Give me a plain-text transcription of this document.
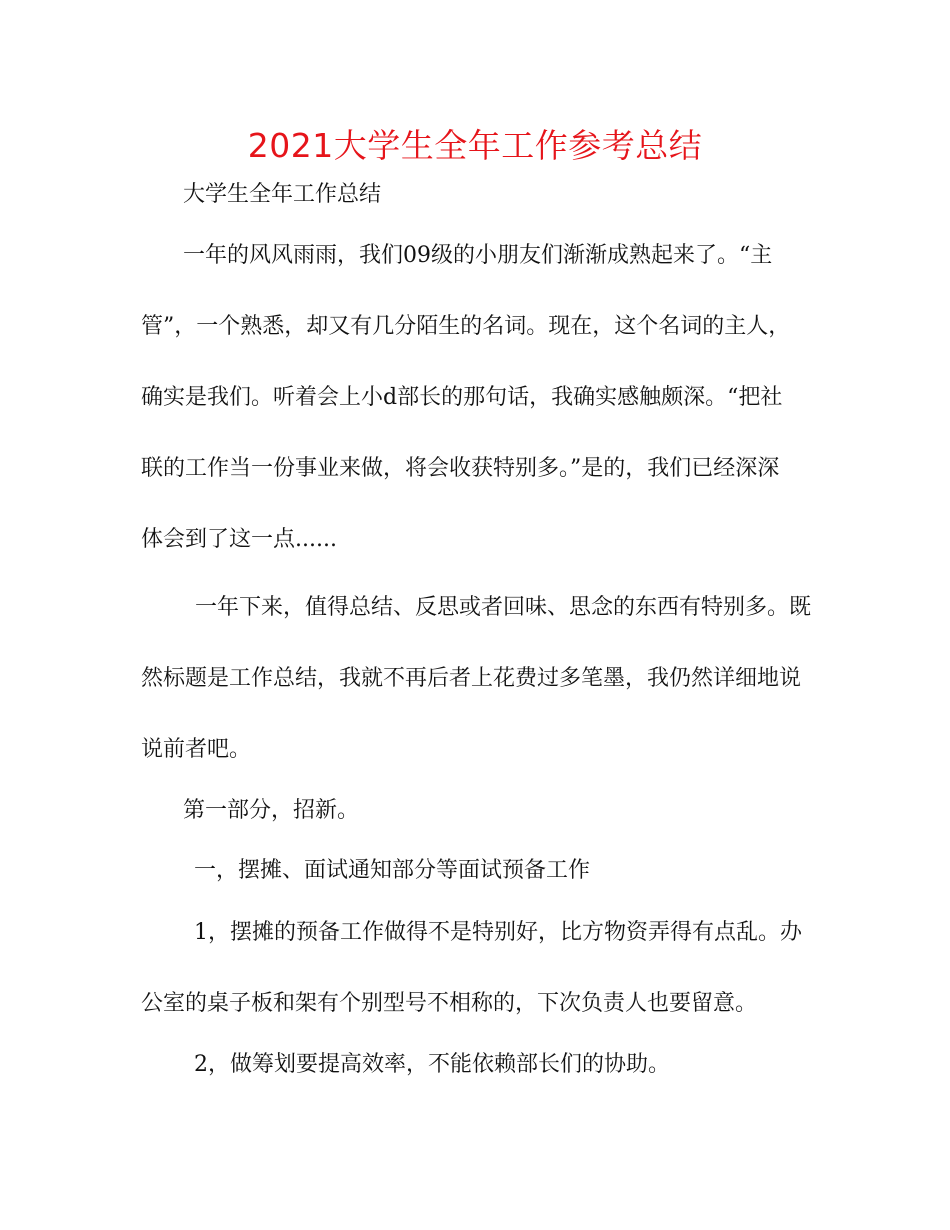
2021大学生全年工作参考总结
大学生全年工作总结
一年的风风雨雨，我们09级的小朋友们渐渐成熟起来了。“主
管”，一个熟悉，却又有几分陌生的名词。现在，这个名词的主人，
确实是我们。听着会上小d部长的那句话，我确实感触颇深。“把社
联的工作当一份事业来做，将会收获特别多。”是的，我们已经深深
体会到了这一点......
一年下来，值得总结、反思或者回味、思念的东西有特别多。既
然标题是工作总结，我就不再后者上花费过多笔墨，我仍然详细地说
说前者吧。
第一部分，招新。
一，摆摊、面试通知部分等面试预备工作
1，摆摊的预备工作做得不是特别好，比方物资弄得有点乱。办
公室的桌子板和架有个别型号不相称的，下次负责人也要留意。
2，做筹划要提高效率，不能依赖部长们的协助。
